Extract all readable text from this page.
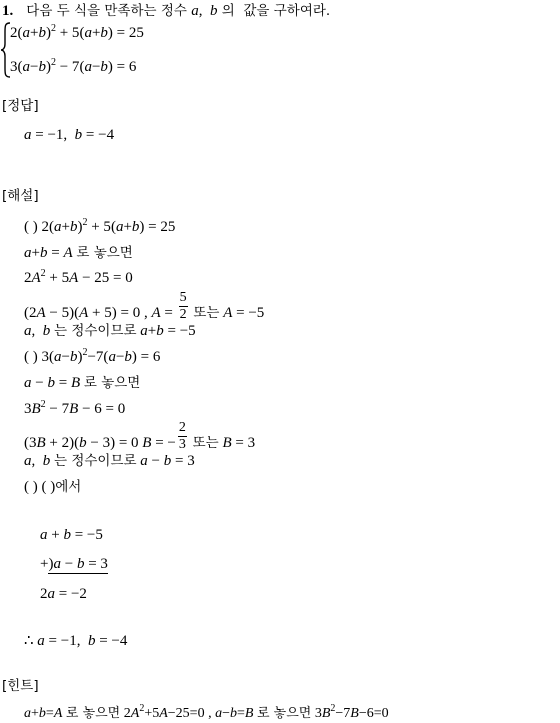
1.   다음 두 식을 만족하는 정수 a,  b 의  값을 구하여라.
$2(a+b)^2 + 5(a+b) = 25$
$3(a-b)^2 - 7(a-b) = 6$
[정답]
a = −1,  b = −4
[해설]
( ) $2(a+b)^2 + 5(a+b) = 25$
a+b = A 로 놓으면
$2A^2 + 5A - 25 = 0$
(2A − 5)(A + 5) = 0 , $A = \frac{5}{2}$ 또는 A = −5
a,  b 는 정수이므로 a+b = −5
( ) $3(a-b)^2-7(a-b) = 6$
a − b = B 로 놓으면
$3B^2 - 7B - 6 = 0$
(3B + 2)(b − 3) = 0 B = − $\frac{2}{3}$ 또는 B = 3
a,  b 는 정수이므로 a − b = 3
( ) ( )에서
a + b = −5
+)a − b = 3
2a = −2
∴ a = −1,  b = −4
[힌트]
a+b=A 로 놓으면 $2A^2+5A-25=0$ , a−b=B 로 놓으면 $3B^2-7B-6=0$
